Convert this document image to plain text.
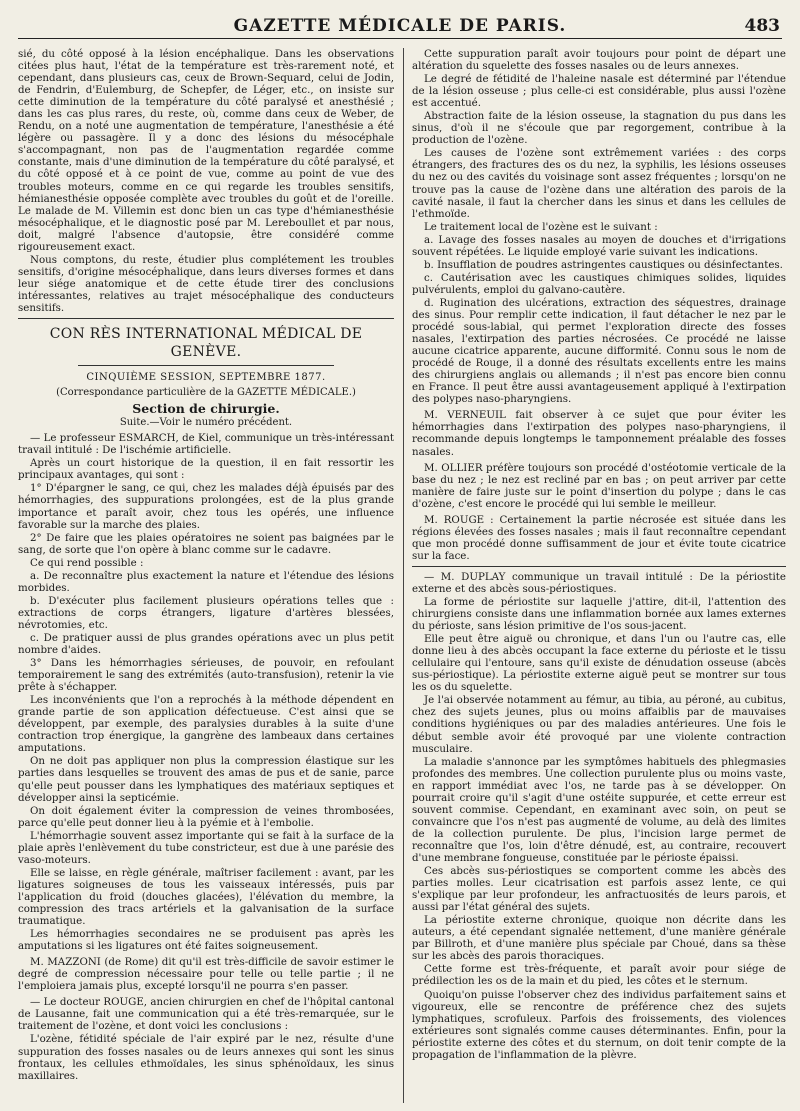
GAZETTE MÉDICALE DE PARIS.	483

sié, du côté opposé à la lésion encéphalique. Dans les observations citées plus haut, l'état de la température est très-rarement noté, et cependant, dans plusieurs cas, ceux de Brown-Sequard, celui de Jodin, de Fendrin, d'Eulemburg, de Schepfer, de Léger, etc., on insiste sur cette diminution de la température du côté paralysé et anesthésié ; dans les cas plus rares, du reste, où, comme dans ceux de Weber, de Rendu, on a noté une augmentation de température, l'anesthésie a été légère ou passagère. Il y a donc des lésions du mésocéphale s'accompagnant, non pas de l'augmentation regardée comme constante, mais d'une diminution de la température du côté paralysé, et du côté opposé et à ce point de vue, comme au point de vue des troubles moteurs, comme en ce qui regarde les troubles sensitifs, hémianesthésie opposée complète avec troubles du goût et de l'oreille. Le malade de M. Villemin est donc bien un cas type d'hémianesthésie mésocéphalique, et le diagnostic posé par M. Lereboullet et par nous, doit, malgré l'absence d'autopsie, être considéré comme rigoureusement exact.

Nous comptons, du reste, étudier plus complétement les troubles sensitifs, d'origine mésocéphalique, dans leurs diverses formes et dans leur siége anatomique et de cette étude tirer des conclusions intéressantes, relatives au trajet mésocéphalique des conducteurs sensitifs.

CON RÈS INTERNATIONAL MÉDICAL DE GENÈVE.

CINQUIÈME SESSION, SEPTEMBRE 1877.

(Correspondance particulière de la GAZETTE MÉDICALE.)

Section de chirurgie.

Suite.—Voir le numéro précédent.

— Le professeur ESMARCH, de Kiel, communique un très-intéressant travail intitulé : De l'ischémie artificielle.

Après un court historique de la question, il en fait ressortir les principaux avantages, qui sont :

1° D'épargner le sang, ce qui, chez les malades déjà épuisés par des hémorrhagies, des suppurations prolongées, est de la plus grande importance et paraît avoir, chez tous les opérés, une influence favorable sur la marche des plaies.

2° De faire que les plaies opératoires ne soient pas baignées par le sang, de sorte que l'on opère à blanc comme sur le cadavre.

Ce qui rend possible :

a. De reconnaître plus exactement la nature et l'étendue des lésions morbides.

b. D'exécuter plus facilement plusieurs opérations telles que : extractions de corps étrangers, ligature d'artères blessées, névrotomies, etc.

c. De pratiquer aussi de plus grandes opérations avec un plus petit nombre d'aides.

3° Dans les hémorrhagies sérieuses, de pouvoir, en refoulant temporairement le sang des extrémités (auto-transfusion), retenir la vie prête à s'échapper.

Les inconvénients que l'on a reprochés à la méthode dépendent en grande partie de son application défectueuse. C'est ainsi que se développent, par exemple, des paralysies durables à la suite d'une contraction trop énergique, la gangrène des lambeaux dans certaines amputations.

On ne doit pas appliquer non plus la compression élastique sur les parties dans lesquelles se trouvent des amas de pus et de sanie, parce qu'elle peut pousser dans les lymphatiques des matériaux septiques et développer ainsi la septicémie.

On doit également éviter la compression de veines thrombosées, parce qu'elle peut donner lieu à la pyémie et à l'embolie.

L'hémorrhagie souvent assez importante qui se fait à la surface de la plaie après l'enlèvement du tube constricteur, est due à une parésie des vaso-moteurs.

Elle se laisse, en règle générale, maîtriser facilement : avant, par les ligatures soigneuses de tous les vaisseaux intéressés, puis par l'application du froid (douches glacées), l'élévation du membre, la compression des tracs artériels et la galvanisation de la surface traumatique.

Les hémorrhagies secondaires ne se produisent pas après les amputations si les ligatures ont été faites soigneusement.

M. MAZZONI (de Rome) dit qu'il est très-difficile de savoir estimer le degré de compression nécessaire pour telle ou telle partie ; il ne l'emploiera jamais plus, excepté lorsqu'il ne pourra s'en passer.

— Le docteur ROUGE, ancien chirurgien en chef de l'hôpital cantonal de Lausanne, fait une communication qui a été très-remarquée, sur le traitement de l'ozène, et dont voici les conclusions :

L'ozène, fétidité spéciale de l'air expiré par le nez, résulte d'une suppuration des fosses nasales ou de leurs annexes qui sont les sinus frontaux, les cellules ethmoïdales, les sinus sphénoïdaux, les sinus maxillaires.

Cette suppuration paraît avoir toujours pour point de départ une altération du squelette des fosses nasales ou de leurs annexes.

Le degré de fétidité de l'haleine nasale est déterminé par l'étendue de la lésion osseuse ; plus celle-ci est considérable, plus aussi l'ozène est accentué.

Abstraction faite de la lésion osseuse, la stagnation du pus dans les sinus, d'où il ne s'écoule que par regorgement, contribue à la production de l'ozène.

Les causes de l'ozène sont extrêmement variées : des corps étrangers, des fractures des os du nez, la syphilis, les lésions osseuses du nez ou des cavités du voisinage sont assez fréquentes ; lorsqu'on ne trouve pas la cause de l'ozène dans une altération des parois de la cavité nasale, il faut la chercher dans les sinus et dans les cellules de l'ethmoïde.

Le traitement local de l'ozène est le suivant :

a. Lavage des fosses nasales au moyen de douches et d'irrigations souvent répétées. Le liquide employé varie suivant les indications.

b. Insufflation de poudres astringentes caustiques ou désinfectantes.

c. Cautérisation avec les caustiques chimiques solides, liquides pulvérulents, emploi du galvano-cautère.

d. Rugination des ulcérations, extraction des séquestres, drainage des sinus. Pour remplir cette indication, il faut détacher le nez par le procédé sous-labial, qui permet l'exploration directe des fosses nasales, l'extirpation des parties nécrosées. Ce procédé ne laisse aucune cicatrice apparente, aucune difformité. Connu sous le nom de procédé de Rouge, il a donné des résultats excellents entre les mains des chirurgiens anglais ou allemands ; il n'est pas encore bien connu en France. Il peut être aussi avantageusement appliqué à l'extirpation des polypes naso-pharyngiens.

M. VERNEUIL fait observer à ce sujet que pour éviter les hémorrhagies dans l'extirpation des polypes naso-pharyngiens, il recommande depuis longtemps le tamponnement préalable des fosses nasales.

M. OLLIER préfère toujours son procédé d'ostéotomie verticale de la base du nez ; le nez est recliné par en bas ; on peut arriver par cette manière de faire juste sur le point d'insertion du polype ; dans le cas d'ozène, c'est encore le procédé qui lui semble le meilleur.

M. ROUGE : Certainement la partie nécrosée est située dans les régions élevées des fosses nasales ; mais il faut reconnaître cependant que mon procédé donne suffisamment de jour et évite toute cicatrice sur la face.

— M. DUPLAY communique un travail intitulé : De la périostite externe et des abcès sous-périostiques.

La forme de périostite sur laquelle j'attire, dit-il, l'attention des chirurgiens consiste dans une inflammation bornée aux lames externes du périoste, sans lésion primitive de l'os sous-jacent.

Elle peut être aiguë ou chronique, et dans l'un ou l'autre cas, elle donne lieu à des abcès occupant la face externe du périoste et le tissu cellulaire qui l'entoure, sans qu'il existe de dénudation osseuse (abcès sus-périostique). La périostite externe aiguë peut se montrer sur tous les os du squelette.

Je l'ai observée notamment au fémur, au tibia, au péroné, au cubitus, chez des sujets jeunes, plus ou moins affaiblis par de mauvaises conditions hygiéniques ou par des maladies antérieures. Une fois le début semble avoir été provoqué par une violente contraction musculaire.

La maladie s'annonce par les symptômes habituels des phlegmasies profondes des membres. Une collection purulente plus ou moins vaste, en rapport immédiat avec l'os, ne tarde pas à se développer. On pourrait croire qu'il s'agit d'une ostéite suppurée, et cette erreur est souvent commise. Cependant, en examinant avec soin, on peut se convaincre que l'os n'est pas augmenté de volume, au delà des limites de la collection purulente. De plus, l'incision large permet de reconnaître que l'os, loin d'être dénudé, est, au contraire, recouvert d'une membrane fongueuse, constituée par le périoste épaissi.

Ces abcès sus-périostiques se comportent comme les abcès des parties molles. Leur cicatrisation est parfois assez lente, ce qui s'explique par leur profondeur, les anfractuosités de leurs parois, et aussi par l'état général des sujets.

La périostite externe chronique, quoique non décrite dans les auteurs, a été cependant signalée nettement, d'une manière générale par Billroth, et d'une manière plus spéciale par Choué, dans sa thèse sur les abcès des parois thoraciques.

Cette forme est très-fréquente, et paraît avoir pour siége de prédilection les os de la main et du pied, les côtes et le sternum.

Quoiqu'on puisse l'observer chez des individus parfaitement sains et vigoureux, elle se rencontre de préférence chez des sujets lymphatiques, scrofuleux. Parfois des froissements, des violences extérieures sont signalés comme causes déterminantes. Enfin, pour la périostite externe des côtes et du sternum, on doit tenir compte de la propagation de l'inflammation de la plèvre.
